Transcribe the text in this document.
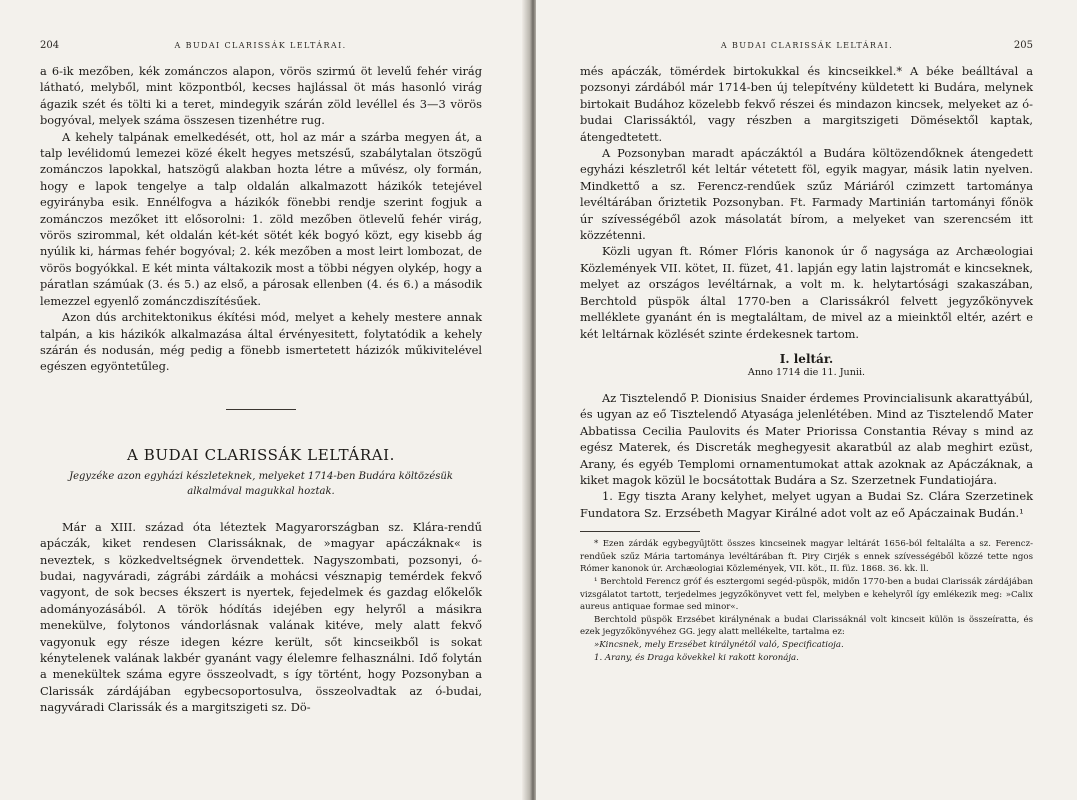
204	A BUDAI CLARISSÁK LELTÁRAI.

a 6-ik mezőben, kék zománczos alapon, vörös szirmú öt levelű fehér virág látható, melyből, mint központból, kecses hajlással öt más hasonló virág ágazik szét és tölti ki a teret, mindegyik szárán zöld levéllel és 3—3 vörös bogyóval, melyek száma összesen tizenhétre rug.

A kehely talpának emelkedését, ott, hol az már a szárba megyen át, a talp levélidomú lemezei közé ékelt hegyes metszésű, szabálytalan ötszögű zománczos lapokkal, hatszögű alakban hozta létre a művész, oly formán, hogy e lapok tengelye a talp oldalán alkalmazott házikók tetejével egyirányba esik. Ennélfogva a házikók fönebbi rendje szerint fogjuk a zománczos mezőket itt elősorolni: 1. zöld mezőben ötlevelű fehér virág, vörös szirommal, két oldalán két-két sötét kék bogyó közt, egy kisebb ág nyúlik ki, hármas fehér bogyóval; 2. kék mezőben a most leirt lombozat, de vörös bogyókkal. E két minta váltakozik most a többi négyen olykép, hogy a páratlan számúak (3. és 5.) az első, a párosak ellenben (4. és 6.) a második lemezzel egyenlő zománczdiszítésűek.

Azon dús architektonikus ékítési mód, melyet a kehely mestere annak talpán, a kis házikók alkalmazása által érvényesitett, folytatódik a kehely szárán és nodusán, még pedig a fönebb ismertetett házizók műkivitelével egészen egyöntetűleg.

A BUDAI CLARISSÁK LELTÁRAI.
Jegyzéke azon egyházi készleteknek, melyeket 1714-ben Budára költözésük alkalmával magukkal hoztak.

Már a XIII. század óta léteztek Magyarországban sz. Klára-rendű apáczák, kiket rendesen Clarissáknak, de »magyar apáczáknak« is neveztek, s közkedveltségnek örvendettek. Nagyszombati, pozsonyi, ó-budai, nagyváradi, zágrábi zárdáik a mohácsi vésznapig temérdek fekvő vagyont, de sok becses ékszert is nyertek, fejedelmek és gazdag előkelők adományozásából. A török hódítás idejében egy helyről a másikra menekülve, folytonos vándorlásnak valának kitéve, mely alatt fekvő vagyonuk egy része idegen kézre került, sőt kincseikből is sokat kénytelenek valának lakbér gyanánt vagy élelemre felhasználni. Idő folytán a menekültek száma egyre összeolvadt, s így történt, hogy Pozsonyban a Clarissák zárdájában egybecsoportosulva, összeolvadtak az ó-budai, nagyváradi Clarissák és a margitszigeti sz. Dö-

A BUDAI CLARISSÁK LELTÁRAI.	205

més apáczák, tömérdek birtokukkal és kincseikkel.* A béke beálltával a pozsonyi zárdából már 1714-ben új telepítvény küldetett ki Budára, melynek birtokait Budához közelebb fekvő részei és mindazon kincsek, melyeket az ó-budai Clarissáktól, vagy részben a margitszigeti Dömésektől kaptak, átengedtetett.

A Pozsonyban maradt apáczáktól a Budára költözendőknek átengedett egyházi készletről két leltár vétetett föl, egyik magyar, másik latin nyelven. Mindkettő a sz. Ferencz-rendűek szűz Máriáról czimzett tartománya levéltárában őriztetik Pozsonyban. Ft. Farmady Martinián tartományi főnök úr szívességéből azok másolatát bírom, a melyeket van szerencsém itt közzétenni.

Közli ugyan ft. Rómer Flóris kanonok úr ő nagysága az Archæologiai Közlemények VII. kötet, II. füzet, 41. lapján egy latin lajstromát e kincseknek, melyet az országos levéltárnak, a volt m. k. helytartósági szakaszában, Berchtold püspök által 1770-ben a Clarissákról felvett jegyzőkönyvek melléklete gyanánt én is megtaláltam, de mivel az a mieinktől eltér, azért e két leltárnak közlését szinte érdekesnek tartom.

I. leltár.
Anno 1714 die 11. Junii.

Az Tisztelendő P. Dionisius Snaider érdemes Provincialisunk akarattyábúl, és ugyan az eő Tisztelendő Atyasága jelenlétében. Mind az Tisztelendő Mater Abbatissa Cecilia Paulovits és Mater Priorissa Constantia Révay s mind az egész Materek, és Discreták meghegyesit akaratbúl az alab meghirt ezüst, Arany, és egyéb Templomi ornamentumokat attak azoknak az Apáczáknak, a kiket magok közül le bocsátottak Budára a Sz. Szerzetnek Fundatiojára.

1. Egy tiszta Arany kelyhet, melyet ugyan a Budai Sz. Clára Szerzetinek Fundatora Sz. Erzsébeth Magyar Királné adot volt az eő Apáczainak Budán.¹

* Ezen zárdák egybegyűjtött összes kincseinek magyar leltárát 1656-ból feltalálta a sz. Ferencz-rendűek szűz Mária tartománya levéltárában ft. Piry Cirjék s ennek szívességéből közzé tette ngos Rómer kanonok úr. Archæologiai Közlemények, VII. köt., II. füz. 1868. 36. kk. ll.

¹ Berchtold Ferencz gróf és esztergomi segéd-püspök, midőn 1770-ben a budai Clarissák zárdájában vizsgálatot tartott, terjedelmes jegyzőkönyvet vett fel, melyben e kehelyről így emlékezik meg: »Calix aureus antiquae formae sed minor«.

Berchtold püspök Erzsébet királynénak a budai Clarissáknál volt kincseit külön is összeíratta, és ezek jegyzőkönyvéhez GG. jegy alatt mellékelte, tartalma ez:

»Kincsnek, mely Erzsébet királynétól való, Specificatioja.

1. Arany, és Draga kövekkel ki rakott koronája.
